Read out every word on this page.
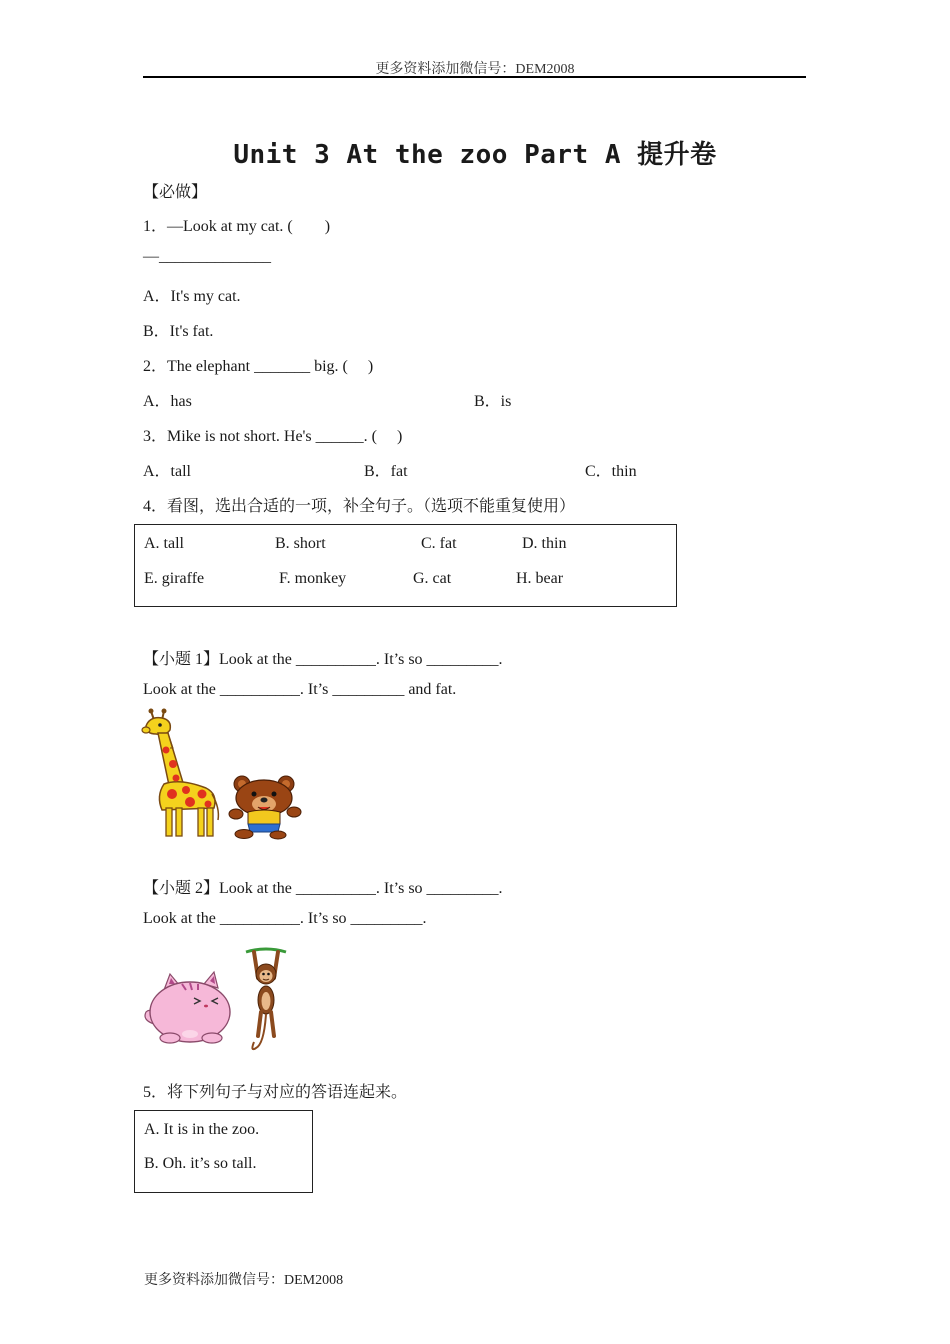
更多资料添加微信号：DEM2008
Unit 3 At the zoo Part A 提升卷
【必做】
1．—Look at my cat. (　　)
—______________
A．It's my cat.
B．It's fat.
2．The elephant _______ big. (　 )
A．has	B．is
3．Mike is not short. He's ______. (　 )
A．tall	B．fat	C．thin
4．看图，选出合适的一项，补全句子。（选项不能重复使用）
A. tall	B. short	C. fat	D. thin
E. giraffe	F. monkey	G. cat	H. bear
【小题 1】Look at the __________. It’s so _________.
Look at the __________. It’s _________ and fat.
【小题 2】Look at the __________. It’s so _________.
Look at the __________. It’s so _________.
5．将下列句子与对应的答语连起来。
A. It is in the zoo.
B. Oh. it’s so tall.
更多资料添加微信号：DEM2008
